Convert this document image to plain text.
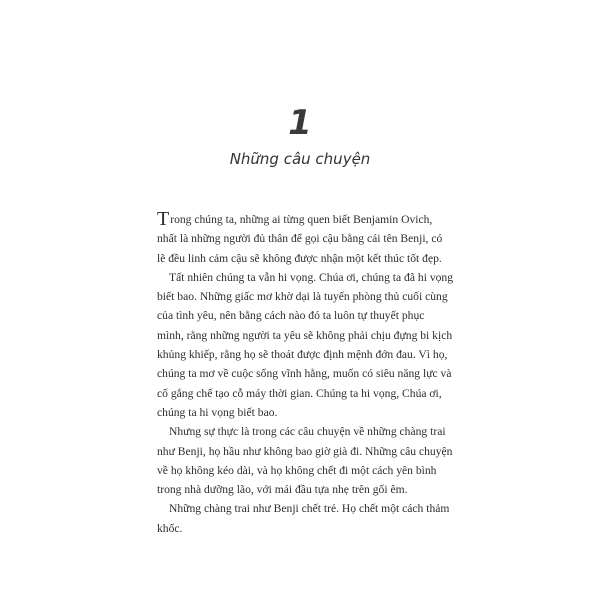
1
Những câu chuyện
Trong chúng ta, những ai từng quen biết Benjamin Ovich,
nhất là những người đủ thân để gọi cậu bằng cái tên Benji, có
lẽ đều linh cảm cậu sẽ không được nhận một kết thúc tốt đẹp.
Tất nhiên chúng ta vẫn hi vọng. Chúa ơi, chúng ta đã hi vọng
biết bao. Những giấc mơ khờ dại là tuyến phòng thủ cuối cùng
của tình yêu, nên bằng cách nào đó ta luôn tự thuyết phục
mình, rằng những người ta yêu sẽ không phải chịu đựng bi kịch
khủng khiếp, rằng họ sẽ thoát được định mệnh đớn đau. Vì họ,
chúng ta mơ về cuộc sống vĩnh hằng, muốn có siêu năng lực và
cố gắng chế tạo cỗ máy thời gian. Chúng ta hi vọng, Chúa ơi,
chúng ta hi vọng biết bao.
Nhưng sự thực là trong các câu chuyện về những chàng trai
như Benji, họ hầu như không bao giờ già đi. Những câu chuyện
về họ không kéo dài, và họ không chết đi một cách yên bình
trong nhà dưỡng lão, với mái đầu tựa nhẹ trên gối êm.
Những chàng trai như Benji chết trẻ. Họ chết một cách thảm
khốc.
